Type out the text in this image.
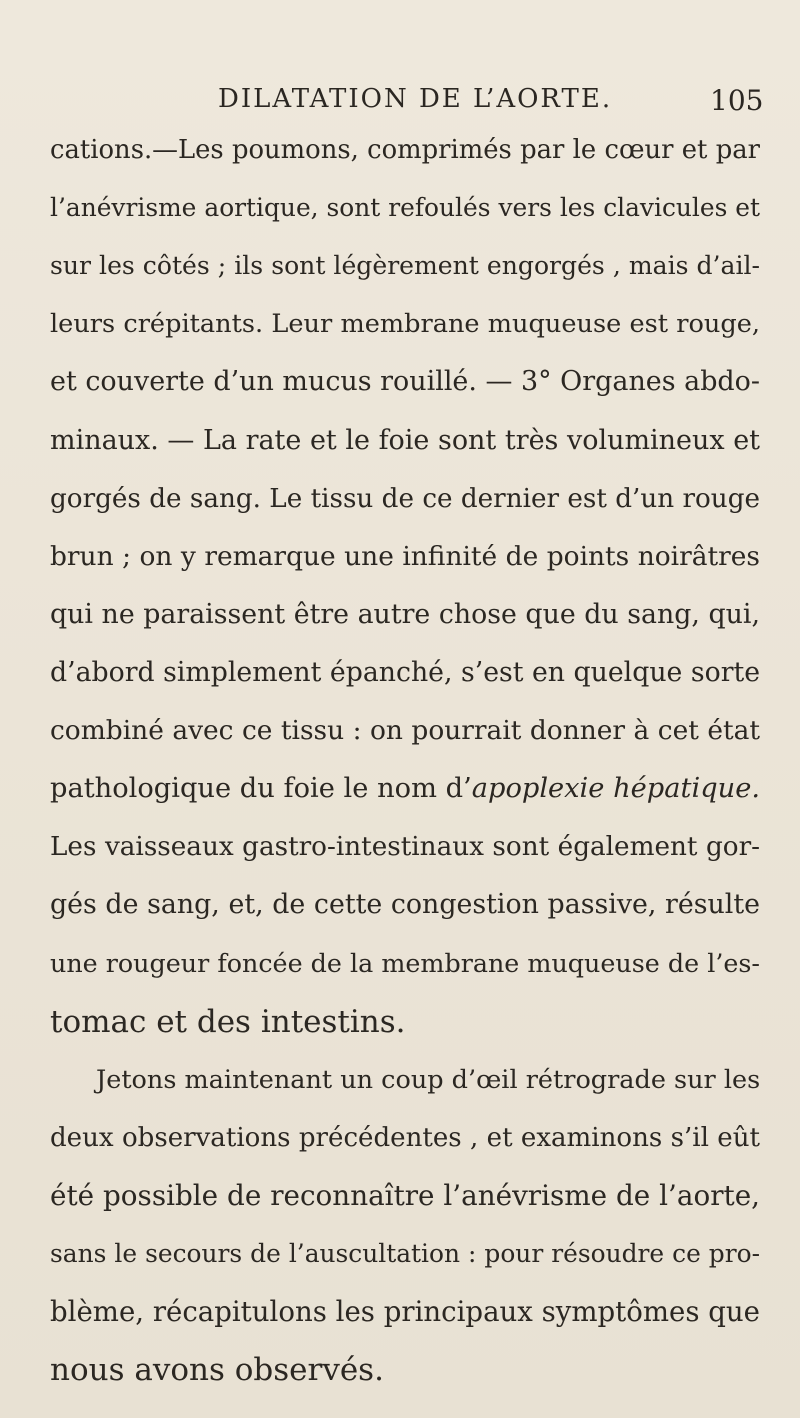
DILATATION DE L’AORTE.	105
cations.—Les poumons, comprimés par le cœur et par
l’anévrisme aortique, sont refoulés vers les clavicules et
sur les côtés ; ils sont légèrement engorgés , mais d’ail-
leurs crépitants. Leur membrane muqueuse est rouge,
et couverte d’un mucus rouillé. — 3° Organes abdo-
minaux. — La rate et le foie sont très volumineux et
gorgés de sang. Le tissu de ce dernier est d’un rouge
brun ; on y remarque une infinité de points noirâtres
qui ne paraissent être autre chose que du sang, qui,
d’abord simplement épanché, s’est en quelque sorte
combiné avec ce tissu : on pourrait donner à cet état
pathologique du foie le nom d’apoplexie hépatique.
Les vaisseaux gastro-intestinaux sont également gor-
gés de sang, et, de cette congestion passive, résulte
une rougeur foncée de la membrane muqueuse de l’es-
tomac et des intestins.
Jetons maintenant un coup d’œil rétrograde sur les
deux observations précédentes , et examinons s’il eût
été possible de reconnaître l’anévrisme de l’aorte,
sans le secours de l’auscultation : pour résoudre ce pro-
blème, récapitulons les principaux symptômes que
nous avons observés.
